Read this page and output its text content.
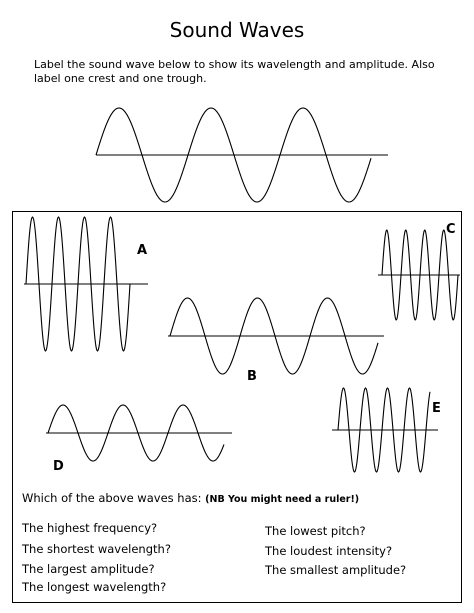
Sound Waves
Label the sound wave below to show its wavelength and amplitude. Also label one crest and one trough.
A
B
C
D
E
Which of the above waves has: (NB You might need a ruler!)
The highest frequency?
The shortest wavelength?
The largest amplitude?
The longest wavelength?
The lowest pitch?
The loudest intensity?
The smallest amplitude?
